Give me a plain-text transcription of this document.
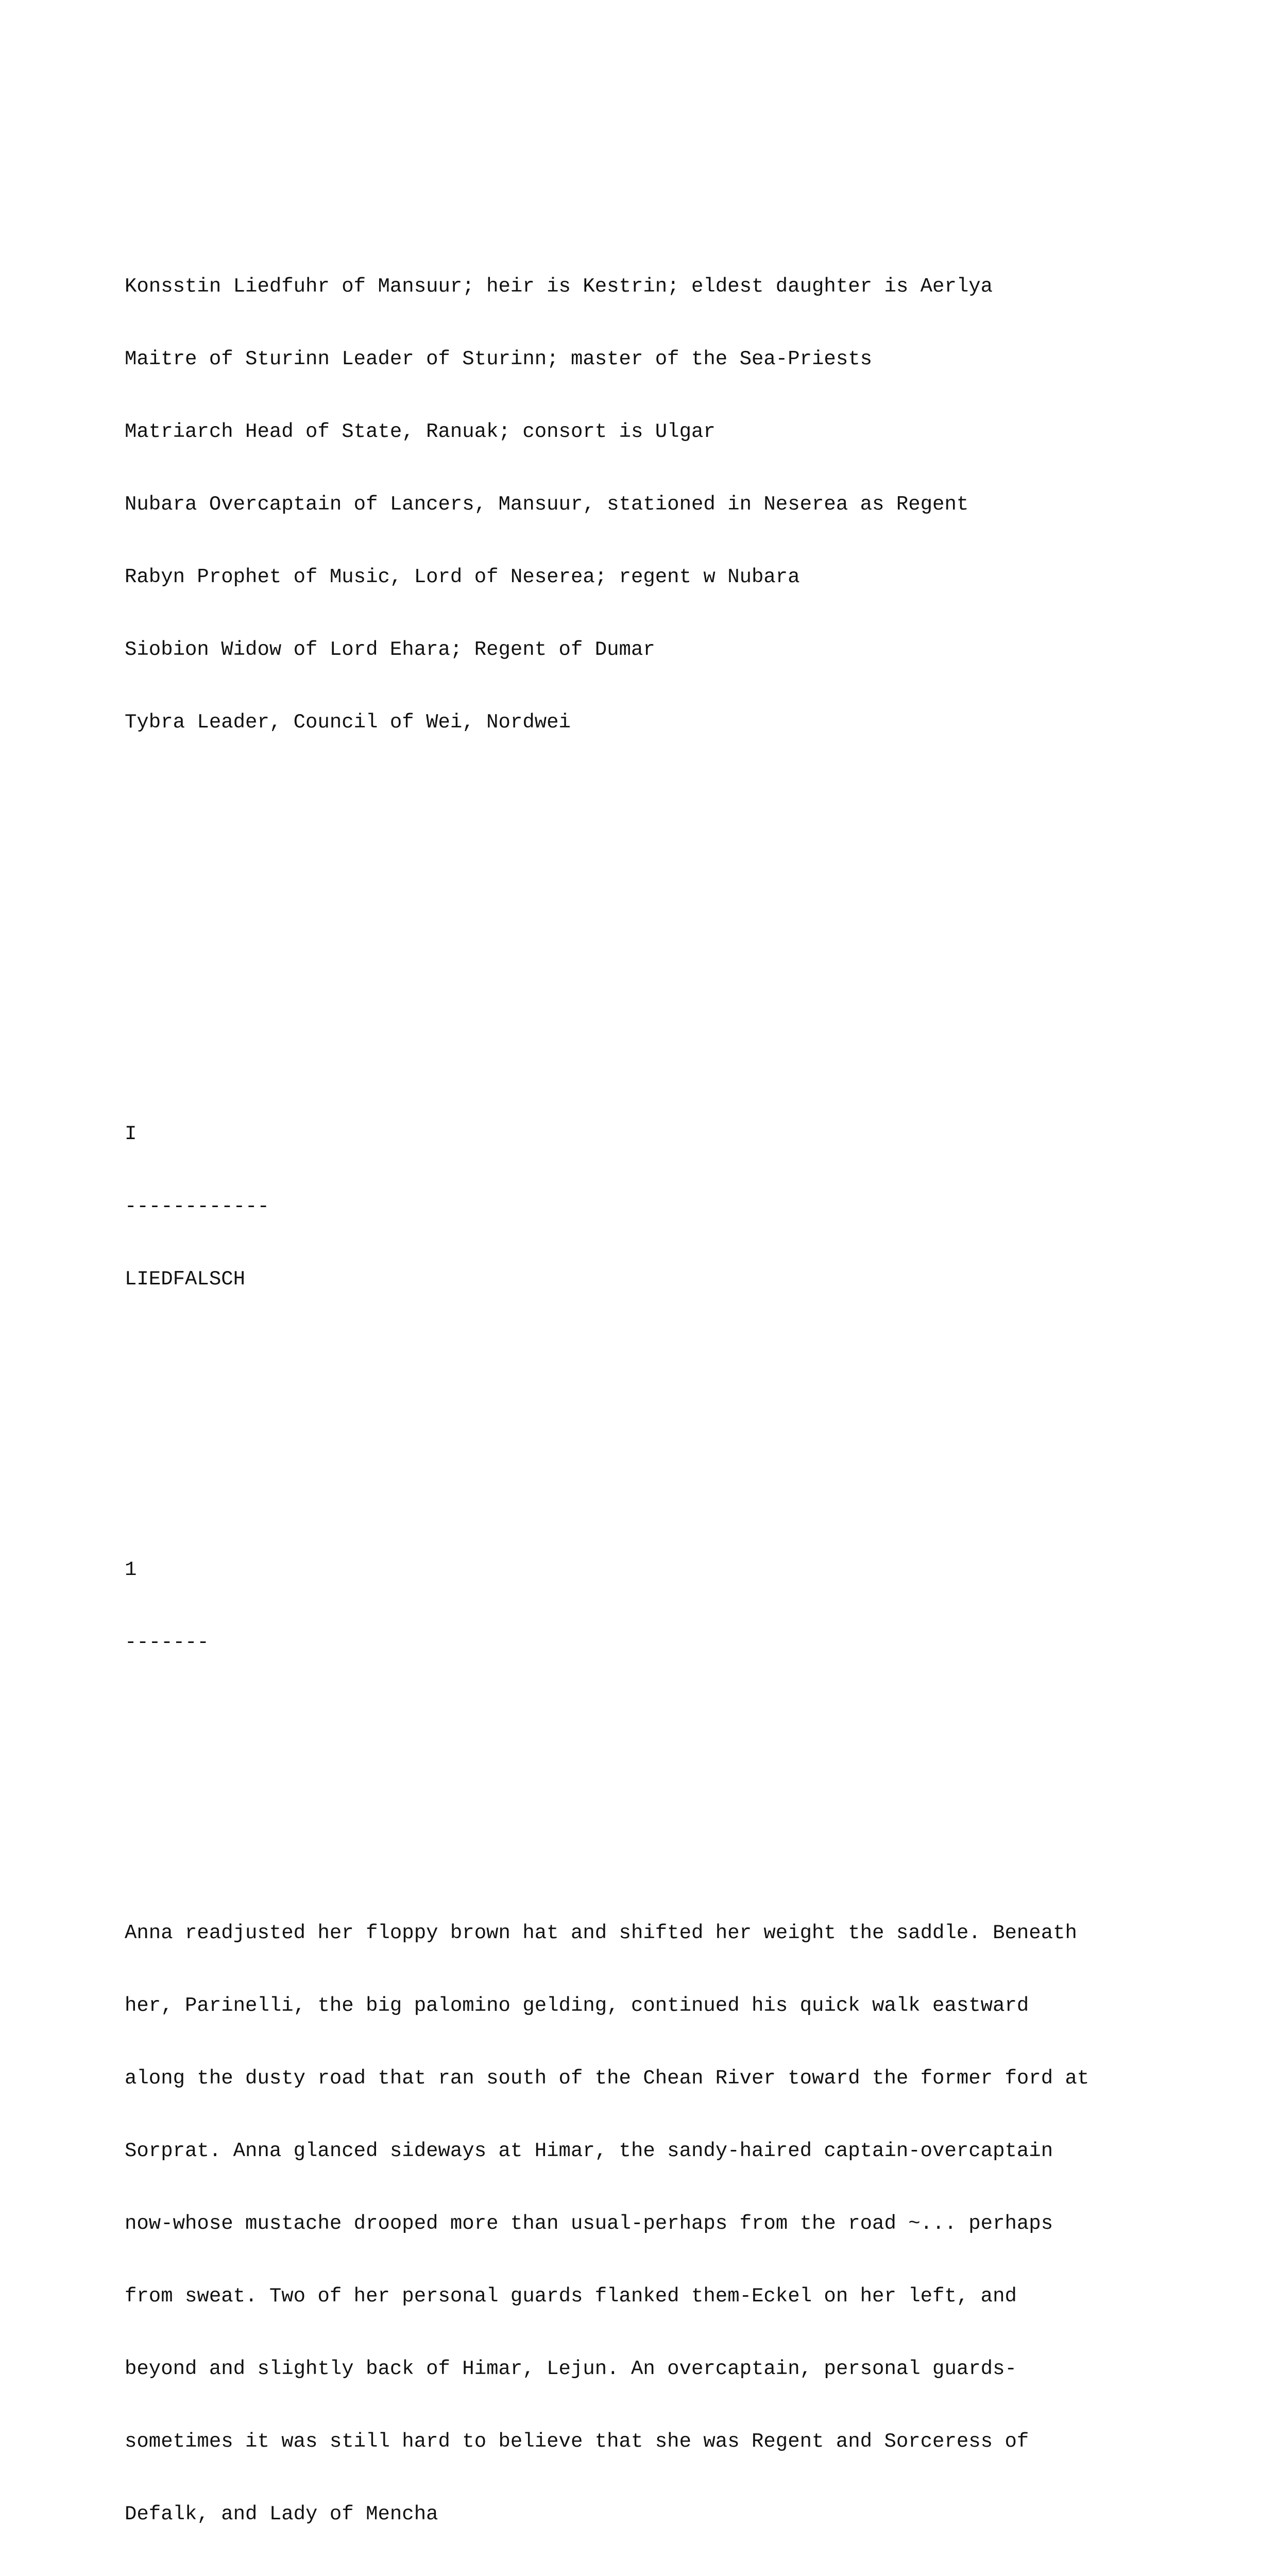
Konsstin Liedfuhr of Mansuur; heir is Kestrin; eldest daughter is Aerlya

Maitre of Sturinn Leader of Sturinn; master of the Sea-Priests

Matriarch Head of State, Ranuak; consort is Ulgar

Nubara Overcaptain of Lancers, Mansuur, stationed in Neserea as Regent

Rabyn Prophet of Music, Lord of Neserea; regent w Nubara

Siobion Widow of Lord Ehara; Regent of Dumar

Tybra Leader, Council of Wei, Nordwei

I

------------

LIEDFALSCH

1

-------

Anna readjusted her floppy brown hat and shifted her weight the saddle. Beneath

her, Parinelli, the big palomino gelding, continued his quick walk eastward

along the dusty road that ran south of the Chean River toward the former ford at

Sorprat. Anna glanced sideways at Himar, the sandy-haired captain-overcaptain

now-whose mustache drooped more than usual-perhaps from the road ~... perhaps

from sweat. Two of her personal guards flanked them-Eckel on her left, and

beyond and slightly back of Himar, Lejun. An overcaptain, personal guards-

sometimes it was still hard to believe that she was Regent and Sorceress of

Defalk, and Lady of Mencha
